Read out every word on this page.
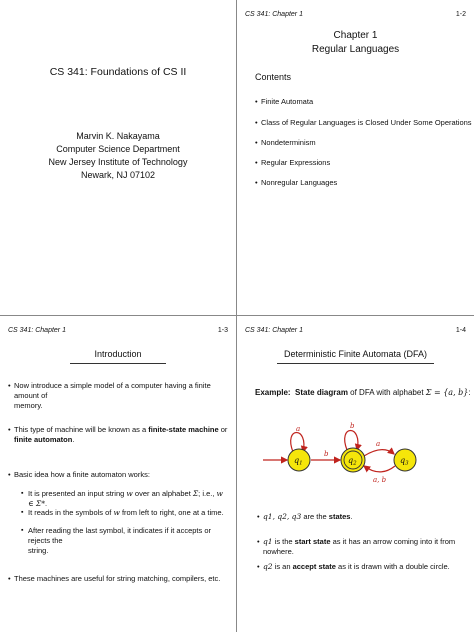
CS 341: Foundations of CS II
Marvin K. Nakayama
Computer Science Department
New Jersey Institute of Technology
Newark, NJ 07102
CS 341: Chapter 1	1-2
Chapter 1
Regular Languages
Contents
• Finite Automata
• Class of Regular Languages is Closed Under Some Operations
• Nondeterminism
• Regular Expressions
• Nonregular Languages
CS 341: Chapter 1	1-3
Introduction
• Now introduce a simple model of a computer having a finite amount of
memory.
• This type of machine will be known as a finite-state machine or
finite automaton.
• Basic idea how a finite automaton works:
▪ It is presented an input string w over an alphabet Σ; i.e., w ∈ Σ*.
▪ It reads in the symbols of w from left to right, one at a time.
▪ After reading the last symbol, it indicates if it accepts or rejects the
string.
• These machines are useful for string matching, compilers, etc.
CS 341: Chapter 1	1-4
Deterministic Finite Automata (DFA)
Example: State diagram of DFA with alphabet Σ = {a, b}:
q1	q2	q3
a
b
b
a
a, b
• q1, q2, q3 are the states.
• q1 is the start state as it has an arrow coming into it from nowhere.
• q2 is an accept state as it is drawn with a double circle.
